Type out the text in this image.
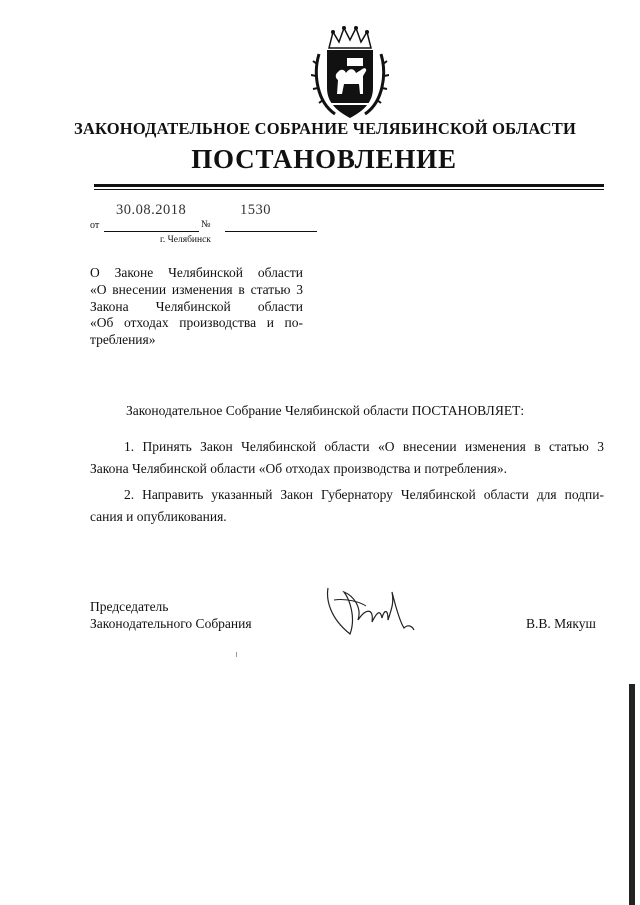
ЗАКОНОДАТЕЛЬНОЕ СОБРАНИЕ ЧЕЛЯБИНСКОЙ ОБЛАСТИ
ПОСТАНОВЛЕНИЕ
30.08.2018	1530
от	№
г. Челябинск
О Законе Челябинской области
«О внесении изменения в статью 3
Закона Челябинской области
«Об отходах производства и по-
требления»
Законодательное Собрание Челябинской области ПОСТАНОВЛЯЕТ:
1. Принять Закон Челябинской области «О внесении изменения в статью 3
Закона Челябинской области «Об отходах производства и потребления».
2. Направить указанный Закон Губернатору Челябинской области для подпи-
сания и опубликования.
Председатель
Законодательного Собрания	В.В. Мякуш
